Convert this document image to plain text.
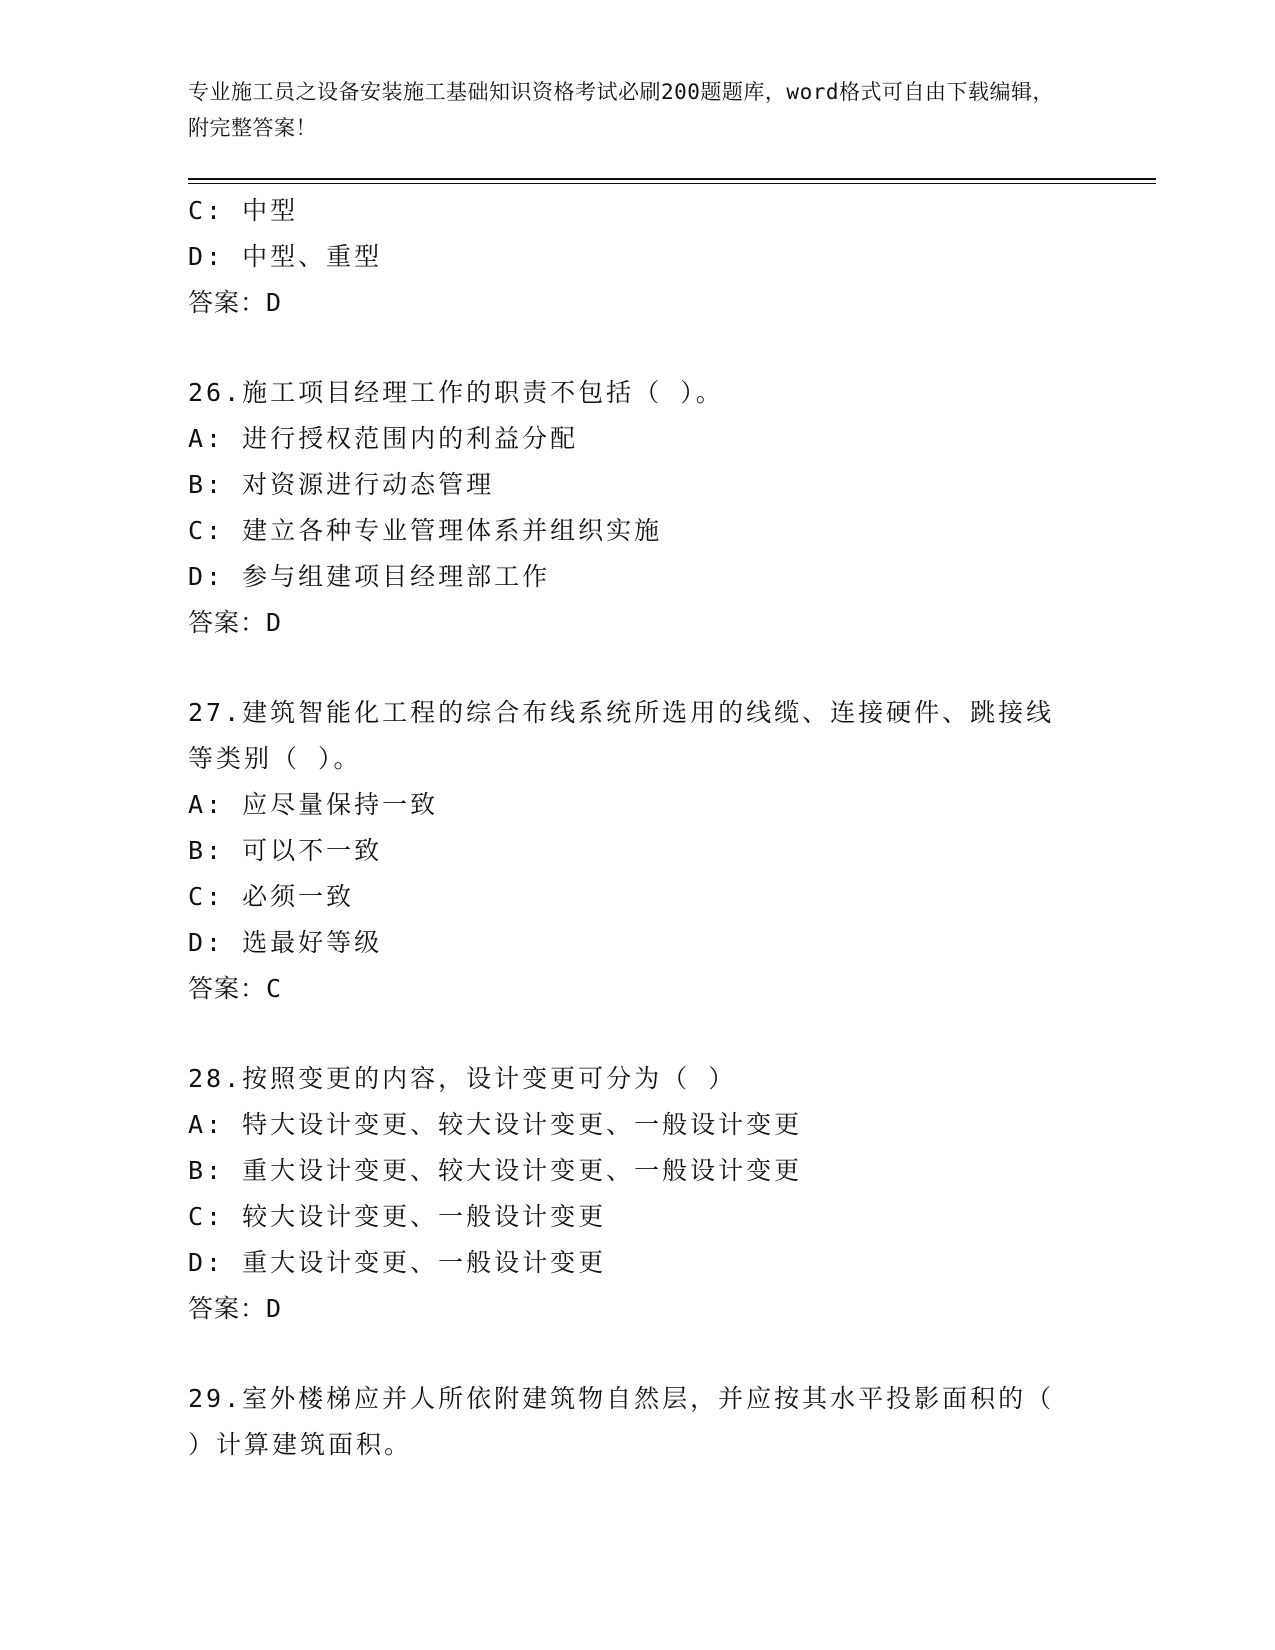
专业施工员之设备安装施工基础知识资格考试必刷200题题库，word格式可自由下载编辑，附完整答案！
C: 中型
D: 中型、重型
答案：D
26.施工项目经理工作的职责不包括（ ）。
A: 进行授权范围内的利益分配
B: 对资源进行动态管理
C: 建立各种专业管理体系并组织实施
D: 参与组建项目经理部工作
答案：D
27.建筑智能化工程的综合布线系统所选用的线缆、连接硬件、跳接线
等类别（ ）。
A: 应尽量保持一致
B: 可以不一致
C: 必须一致
D: 选最好等级
答案：C
28.按照变更的内容，设计变更可分为（ ）
A: 特大设计变更、较大设计变更、一般设计变更
B: 重大设计变更、较大设计变更、一般设计变更
C: 较大设计变更、一般设计变更
D: 重大设计变更、一般设计变更
答案：D
29.室外楼梯应并人所依附建筑物自然层，并应按其水平投影面积的（
）计算建筑面积。
